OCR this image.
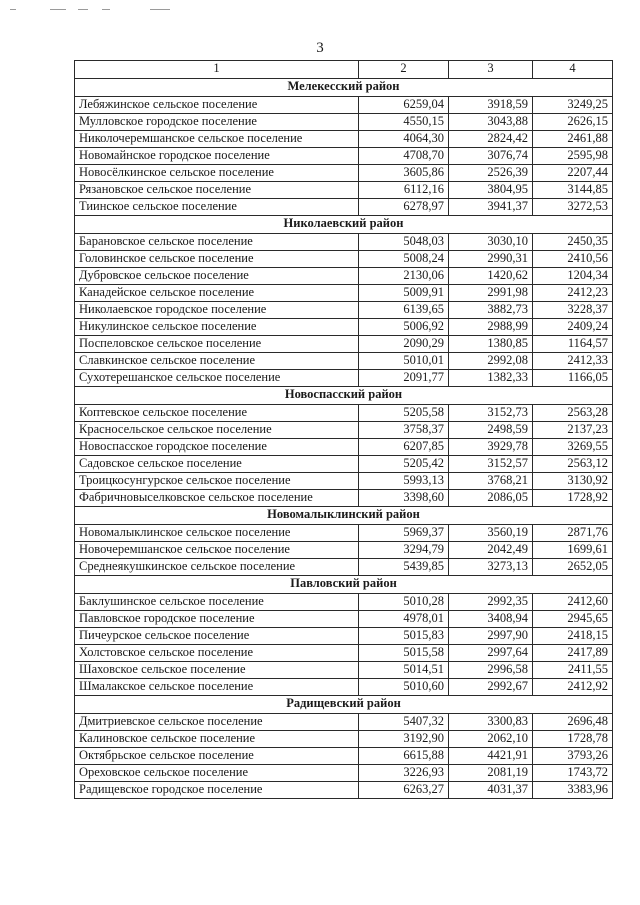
3
1	2	3	4
Мелекесский район			
Лебяжинское сельское поселение	6259,04	3918,59	3249,25
Мулловское городское поселение	4550,15	3043,88	2626,15
Николочеремшанское сельское поселение	4064,30	2824,42	2461,88
Новомайнское городское поселение	4708,70	3076,74	2595,98
Новосёлкинское сельское поселение	3605,86	2526,39	2207,44
Рязановское сельское поселение	6112,16	3804,95	3144,85
Тиинское сельское поселение	6278,97	3941,37	3272,53
Николаевский район			
Барановское сельское поселение	5048,03	3030,10	2450,35
Головинское сельское поселение	5008,24	2990,31	2410,56
Дубровское сельское поселение	2130,06	1420,62	1204,34
Канадейское сельское поселение	5009,91	2991,98	2412,23
Николаевское городское поселение	6139,65	3882,73	3228,37
Никулинское сельское поселение	5006,92	2988,99	2409,24
Поспеловское сельское поселение	2090,29	1380,85	1164,57
Славкинское сельское поселение	5010,01	2992,08	2412,33
Сухотерешанское сельское поселение	2091,77	1382,33	1166,05
Новоспасский район			
Коптевское сельское поселение	5205,58	3152,73	2563,28
Красносельское сельское поселение	3758,37	2498,59	2137,23
Новоспасское городское поселение	6207,85	3929,78	3269,55
Садовское сельское поселение	5205,42	3152,57	2563,12
Троицкосунгурское сельское поселение	5993,13	3768,21	3130,92
Фабричновыселковское сельское поселение	3398,60	2086,05	1728,92
Новомалыклинский район			
Новомалыклинское сельское поселение	5969,37	3560,19	2871,76
Новочеремшанское сельское поселение	3294,79	2042,49	1699,61
Среднеякушкинское сельское поселение	5439,85	3273,13	2652,05
Павловский район			
Баклушинское сельское поселение	5010,28	2992,35	2412,60
Павловское городское поселение	4978,01	3408,94	2945,65
Пичеурское сельское поселение	5015,83	2997,90	2418,15
Холстовское сельское поселение	5015,58	2997,64	2417,89
Шаховское сельское поселение	5014,51	2996,58	2411,55
Шмалакское сельское поселение	5010,60	2992,67	2412,92
Радищевский район			
Дмитриевское сельское поселение	5407,32	3300,83	2696,48
Калиновское сельское поселение	3192,90	2062,10	1728,78
Октябрьское сельское поселение	6615,88	4421,91	3793,26
Ореховское сельское поселение	3226,93	2081,19	1743,72
Радищевское городское поселение	6263,27	4031,37	3383,96
